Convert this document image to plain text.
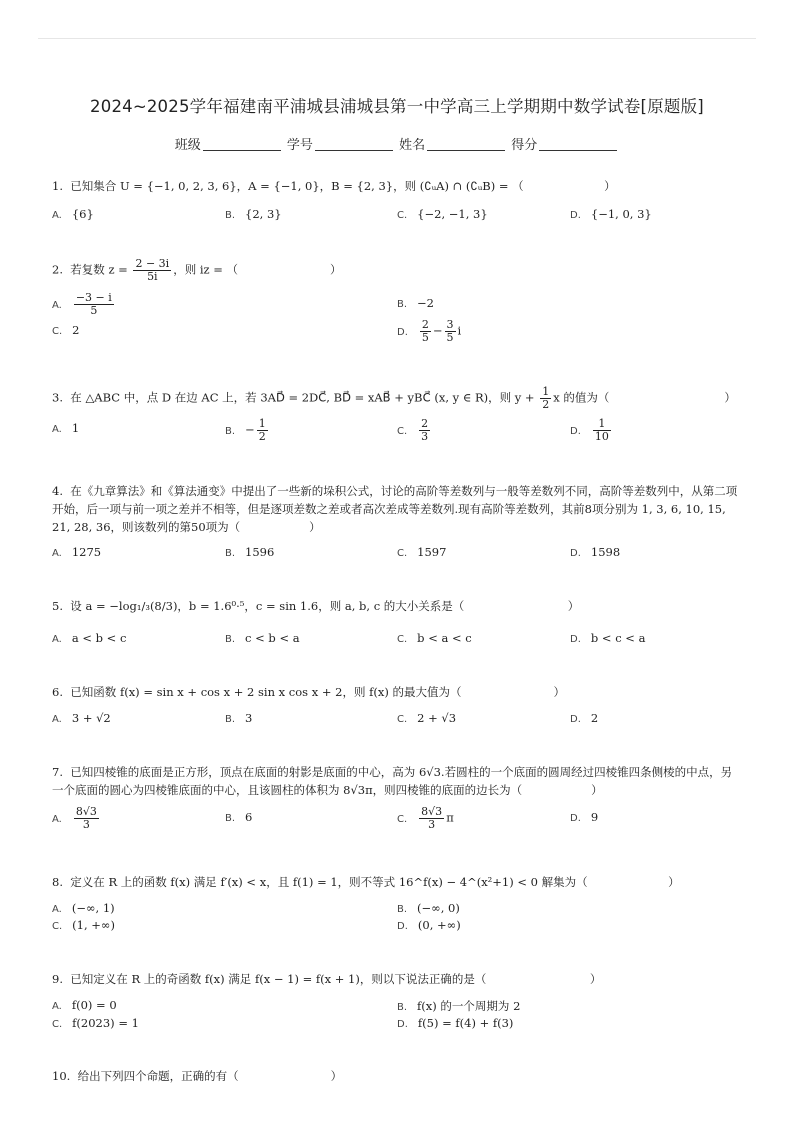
2024~2025学年福建南平浦城县浦城县第一中学高三上学期期中数学试卷[原题版]
班级	学号	姓名	得分
1. 已知集合 U = {−1, 0, 2, 3, 6}，A = {−1, 0}，B = {2, 3}，则 (∁ᵤA) ∩ (∁ᵤB) = （　　　　　　　）
A. {6}	B. {2, 3}	C. {−2, −1, 3}	D. {−1, 0, 3}
2. 若复数 $z = \frac{2 - 3i}{5i}$ ，则 iz = （　　　　　　　　）
A. $\frac{-3 - i}{5}$	B. −2
C. 2	D. $\frac{2}{5} - \frac{3}{5}$ i
3. 在 △ABC 中，点 D 在边 AC 上，若 3AD⃗ = 2DC⃗, BD⃗ = xAB⃗ + yBC⃗ (x, y ∈ R)，则 $y + \frac{1}{2}$ x 的值为（　　　　　　　　　　）
A. 1	B. − $\frac{1}{2}$	C. $\frac{2}{3}$	D. $\frac{1}{10}$
4. 在《九章算法》和《算法通变》中提出了一些新的垛积公式，讨论的高阶等差数列与一般等差数列不同，高阶等差数列中，从第二项开始，后一项与前一项之差并不相等，但是逐项差数之差或者高次差成等差数列.现有高阶等差数列，其前8项分别为 1, 3, 6, 10, 15, 21, 28, 36，则该数列的第50项为（　　　　　　）
A. 1275	B. 1596	C. 1597	D. 1598
5. 设 a = −log₁/₃(8/3)，b = 1.6⁰·⁵，c = sin 1.6，则 a, b, c 的大小关系是（　　　　　　　　　）
A. a < b < c	B. c < b < a	C. b < a < c	D. b < c < a
6. 已知函数 f(x) = sin x + cos x + 2 sin x cos x + 2，则 f(x) 的最大值为（　　　　　　　　）
A. 3 + √2	B. 3	C. 2 + √3	D. 2
7. 已知四棱锥的底面是正方形，顶点在底面的射影是底面的中心，高为 6√3.若圆柱的一个底面的圆周经过四棱锥四条侧棱的中点，另一个底面的圆心为四棱锥底面的中心，且该圆柱的体积为 8√3π，则四棱锥的底面的边长为（　　　　　　）
A. $\frac{8√3}{3}$	B. 6	C. $\frac{8√3}{3}$ π	D. 9
8. 定义在 R 上的函数 f(x) 满足 f′(x) < x，且 f(1) = 1，则不等式 16^f(x) − 4^(x²+1) < 0 解集为（　　　　　　　）
A. (−∞, 1)	B. (−∞, 0)
C. (1, +∞)	D. (0, +∞)
9. 已知定义在 R 上的奇函数 f(x) 满足 f(x − 1) = f(x + 1)，则以下说法正确的是（　　　　　　　　　）
A. f(0) = 0	B. f(x) 的一个周期为 2
C. f(2023) = 1	D. f(5) = f(4) + f(3)
10. 给出下列四个命题，正确的有（　　　　　　　　）
